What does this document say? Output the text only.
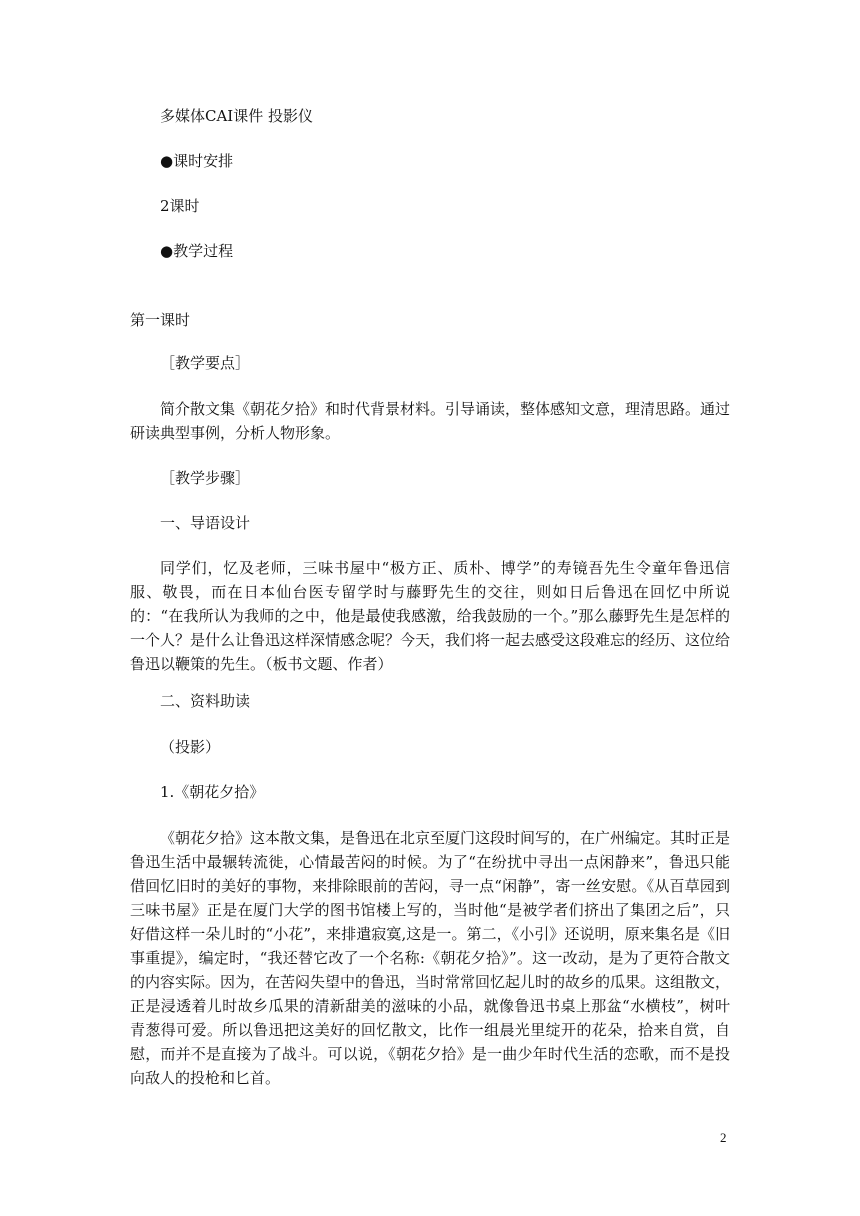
多媒体CAI课件 投影仪
●课时安排
2课时
●教学过程
第一课时
［教学要点］
简介散文集《朝花夕拾》和时代背景材料。引导诵读，整体感知文意，理清思路。通过研读典型事例，分析人物形象。
［教学步骤］
一、导语设计
同学们，忆及老师，三味书屋中“极方正、质朴、博学”的寿镜吾先生令童年鲁迅信服、敬畏，而在日本仙台医专留学时与藤野先生的交往，则如日后鲁迅在回忆中所说的：“在我所认为我师的之中，他是最使我感激，给我鼓励的一个。”那么藤野先生是怎样的一个人？是什么让鲁迅这样深情感念呢？今天，我们将一起去感受这段难忘的经历、这位给鲁迅以鞭策的先生。（板书文题、作者）
二、资料助读
（投影）
1.《朝花夕拾》
《朝花夕拾》这本散文集，是鲁迅在北京至厦门这段时间写的，在广州编定。其时正是鲁迅生活中最辗转流徙，心情最苦闷的时候。为了“在纷扰中寻出一点闲静来”，鲁迅只能借回忆旧时的美好的事物，来排除眼前的苦闷，寻一点“闲静”，寄一丝安慰。《从百草园到三味书屋》正是在厦门大学的图书馆楼上写的，当时他“是被学者们挤出了集团之后”，只好借这样一朵儿时的“小花”，来排遣寂寞,这是一。第二，《小引》还说明，原来集名是《旧事重提》，编定时，“我还替它改了一个名称:《朝花夕拾》”。这一改动，是为了更符合散文的内容实际。因为，在苦闷失望中的鲁迅，当时常常回忆起儿时的故乡的瓜果。这组散文，正是浸透着儿时故乡瓜果的清新甜美的滋味的小品，就像鲁迅书桌上那盆“水横枝”，树叶青葱得可爱。所以鲁迅把这美好的回忆散文，比作一组晨光里绽开的花朵，拾来自赏，自慰，而并不是直接为了战斗。可以说，《朝花夕拾》是一曲少年时代生活的恋歌，而不是投向敌人的投枪和匕首。
2
